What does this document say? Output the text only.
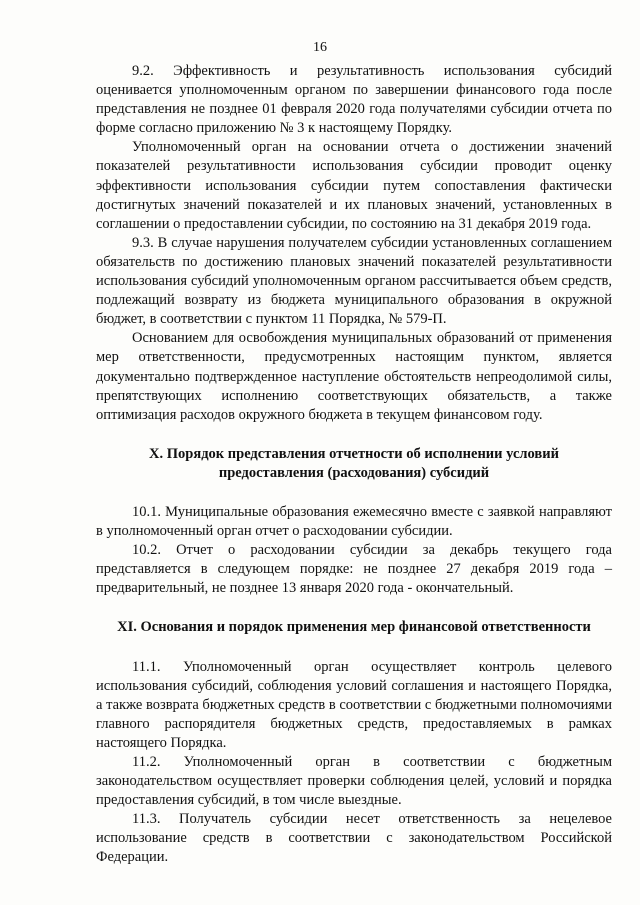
16

9.2. Эффективность и результативность использования субсидий оценивается уполномоченным органом по завершении финансового года после представления не позднее 01 февраля 2020 года получателями субсидии отчета по форме согласно приложению № 3 к настоящему Порядку.

Уполномоченный орган на основании отчета о достижении значений показателей результативности использования субсидии проводит оценку эффективности использования субсидии путем сопоставления фактически достигнутых значений показателей и их плановых значений, установленных в соглашении о предоставлении субсидии, по состоянию на 31 декабря 2019 года.

9.3. В случае нарушения получателем субсидии установленных соглашением обязательств по достижению плановых значений показателей результативности использования субсидий уполномоченным органом рассчитывается объем средств, подлежащий возврату из бюджета муниципального образования в окружной бюджет, в соответствии с пунктом 11 Порядка, № 579-П.

Основанием для освобождения муниципальных образований от применения мер ответственности, предусмотренных настоящим пунктом, является документально подтвержденное наступление обстоятельств непреодолимой силы, препятствующих исполнению соответствующих обязательств, а также оптимизация расходов окружного бюджета в текущем финансовом году.

X. Порядок представления отчетности об исполнении условий предоставления (расходования) субсидий

10.1. Муниципальные образования ежемесячно вместе с заявкой направляют в уполномоченный орган отчет о расходовании субсидии.

10.2. Отчет о расходовании субсидии за декабрь текущего года представляется в следующем порядке: не позднее 27 декабря 2019 года – предварительный, не позднее 13 января 2020 года - окончательный.

XI. Основания и порядок применения мер финансовой ответственности

11.1. Уполномоченный орган осуществляет контроль целевого использования субсидий, соблюдения условий соглашения и настоящего Порядка, а также возврата бюджетных средств в соответствии с бюджетными полномочиями главного распорядителя бюджетных средств, предоставляемых в рамках настоящего Порядка.

11.2. Уполномоченный орган в соответствии с бюджетным законодательством осуществляет проверки соблюдения целей, условий и порядка предоставления субсидий, в том числе выездные.

11.3. Получатель субсидии несет ответственность за нецелевое использование средств в соответствии с законодательством Российской Федерации.
